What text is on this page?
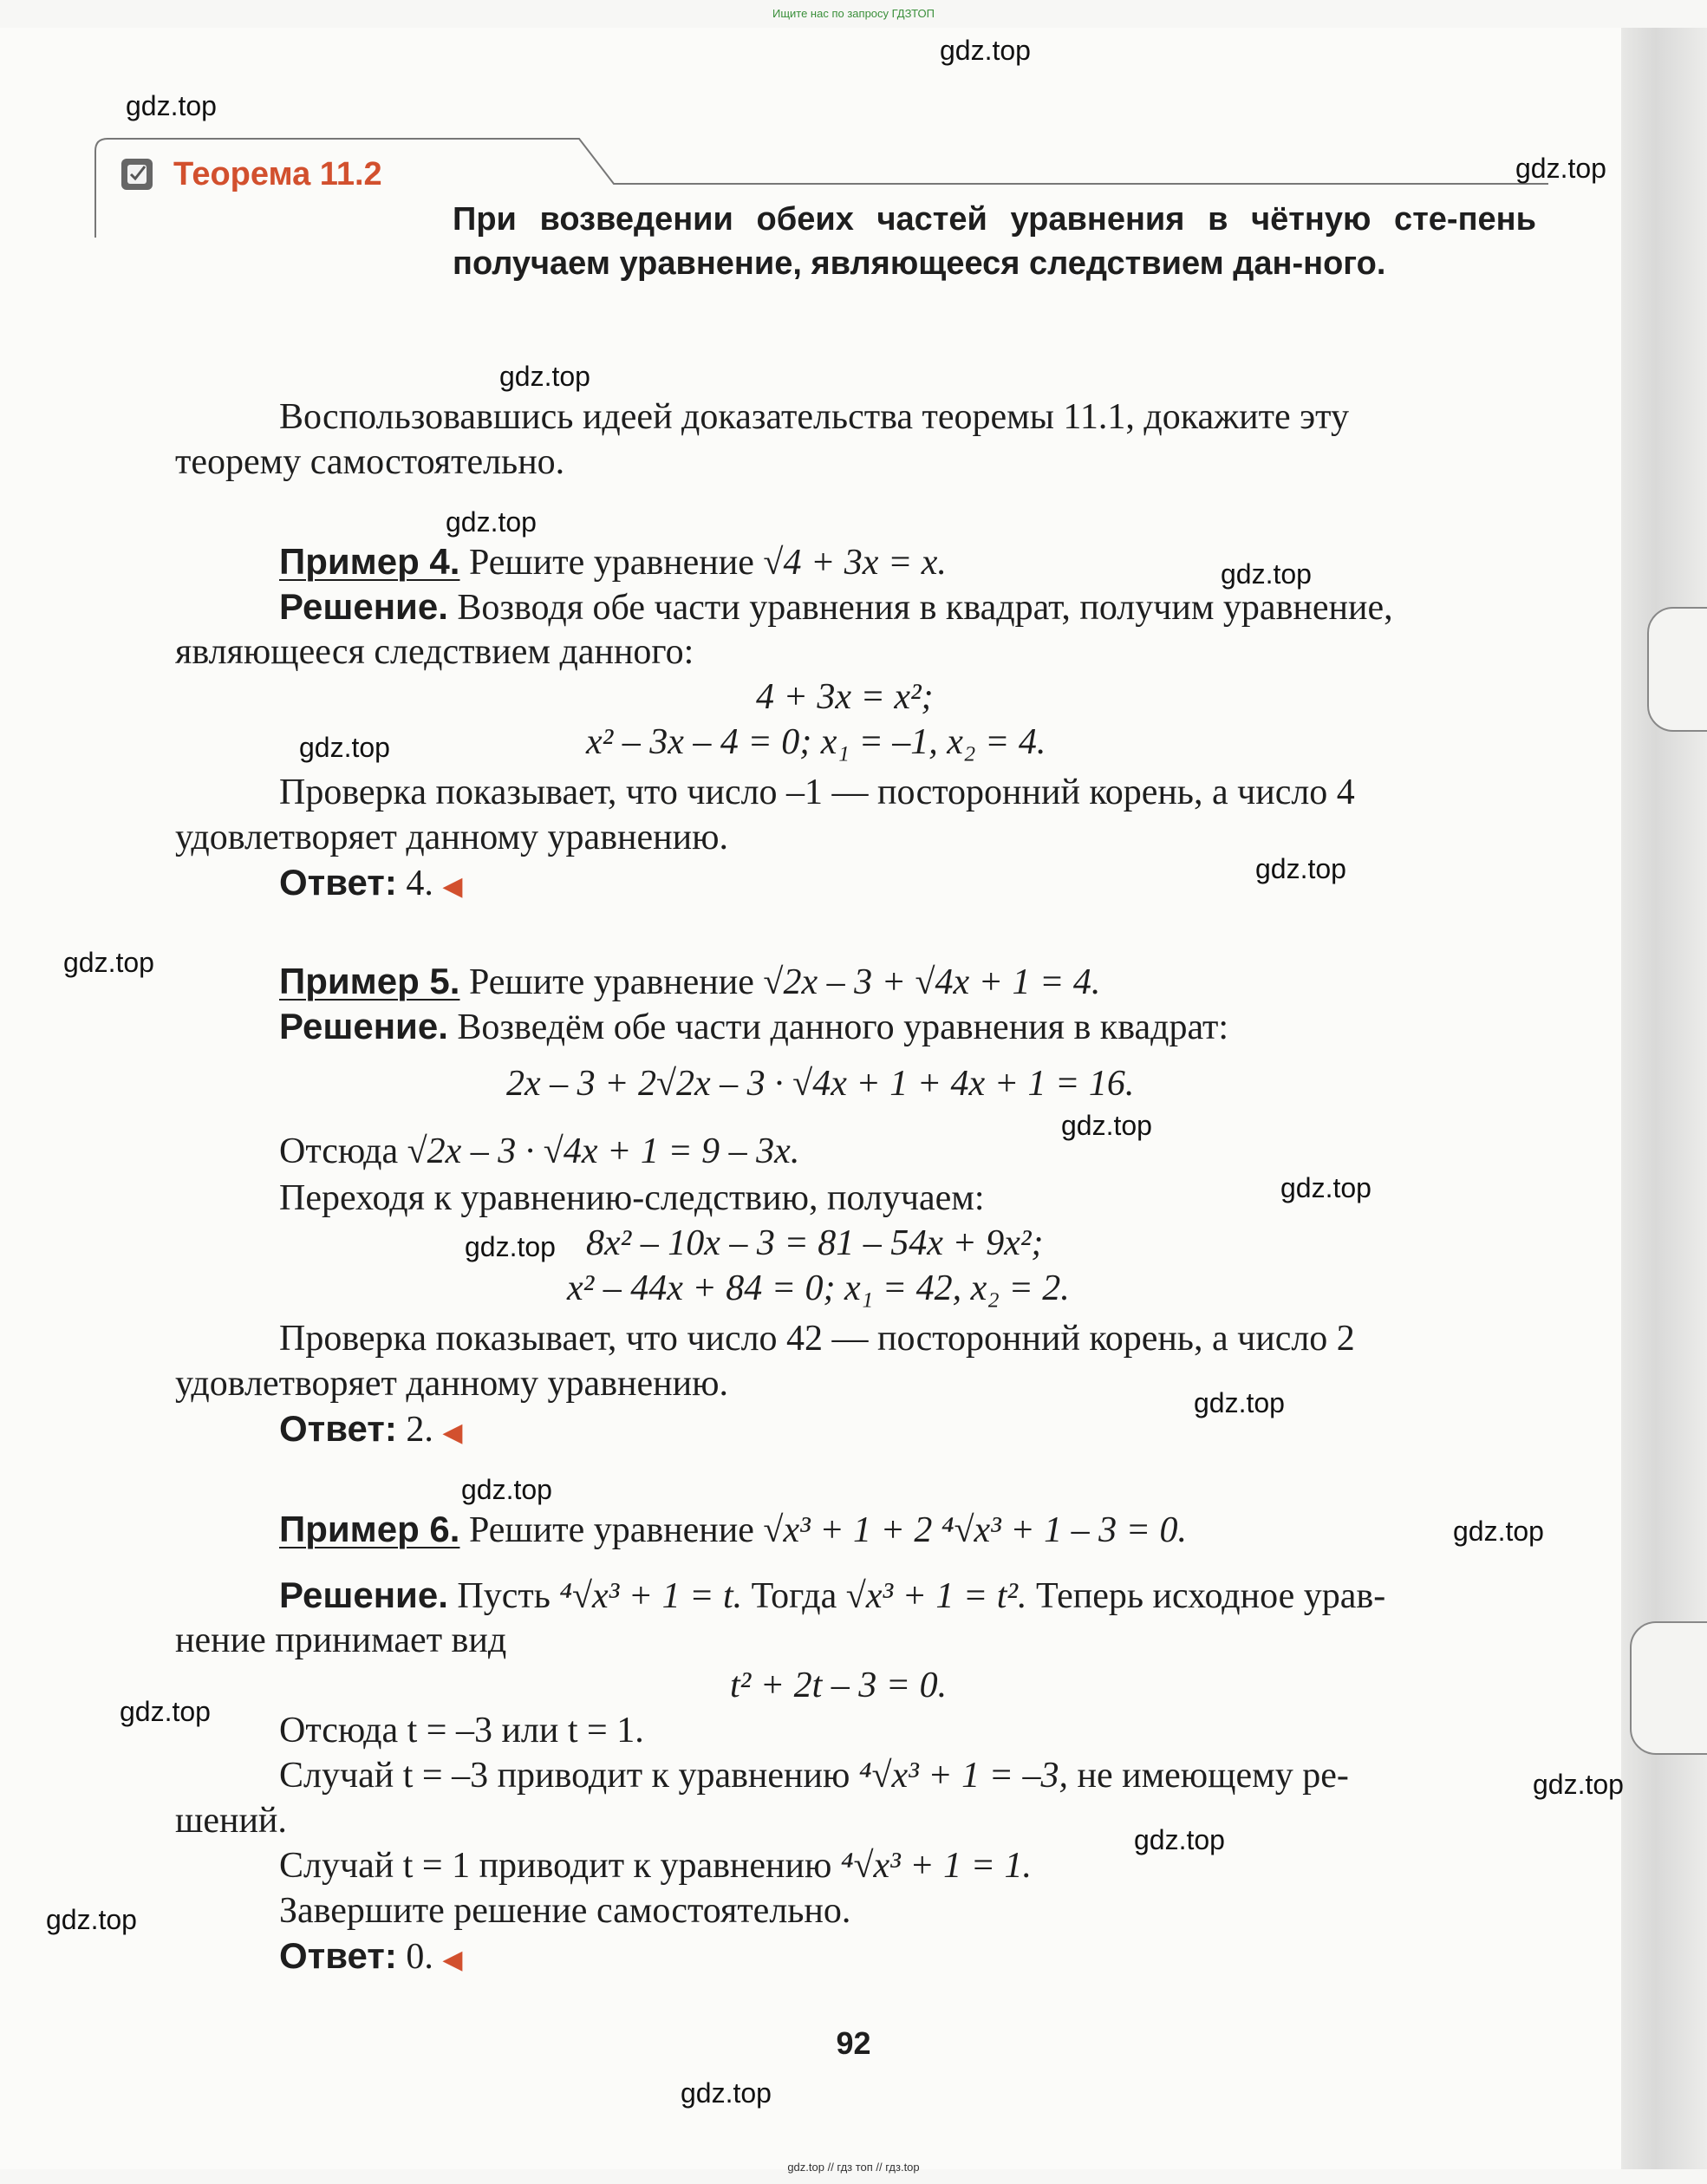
Ищите нас по запросу ГДЗТОП
Теорема 11.2
При возведении обеих частей уравнения в чётную сте-пень получаем уравнение, являющееся следствием дан-ного.
Воспользовавшись идеей доказательства теоремы 11.1, докажите эту
теорему самостоятельно.
Пример 4. Решите уравнение √4 + 3x = x.
Решение. Возводя обе части уравнения в квадрат, получим уравнение,
являющееся следствием данного:
4 + 3x = x²;
x² – 3x – 4 = 0; x₁ = –1, x₂ = 4.
Проверка показывает, что число –1 — посторонний корень, а число 4
удовлетворяет данному уравнению.
Ответ: 4. ◀
Пример 5. Решите уравнение √2x – 3 + √4x + 1 = 4.
Решение. Возведём обе части данного уравнения в квадрат:
2x – 3 + 2√2x – 3 · √4x + 1 + 4x + 1 = 16.
Отсюда √2x – 3 · √4x + 1 = 9 – 3x.
Переходя к уравнению-следствию, получаем:
8x² – 10x – 3 = 81 – 54x + 9x²;
x² – 44x + 84 = 0; x₁ = 42, x₂ = 2.
Проверка показывает, что число 42 — посторонний корень, а число 2
удовлетворяет данному уравнению.
Ответ: 2. ◀
Пример 6. Решите уравнение √x³ + 1 + 2 ⁴√x³ + 1 – 3 = 0.
Решение. Пусть ⁴√x³ + 1 = t. Тогда √x³ + 1 = t². Теперь исходное урав-
нение принимает вид
t² + 2t – 3 = 0.
Отсюда t = –3 или t = 1.
Случай t = –3 приводит к уравнению ⁴√x³ + 1 = –3, не имеющему ре-
шений.
Случай t = 1 приводит к уравнению ⁴√x³ + 1 = 1.
Завершите решение самостоятельно.
Ответ: 0. ◀
92
gdz.top
gdz.top
gdz.top
gdz.top
gdz.top
gdz.top
gdz.top
gdz.top
gdz.top
gdz.top
gdz.top
gdz.top
gdz.top
gdz.top
gdz.top
gdz.top
gdz.top
gdz.top
gdz.top
gdz.top
gdz.top // гдз топ // гдз.top
